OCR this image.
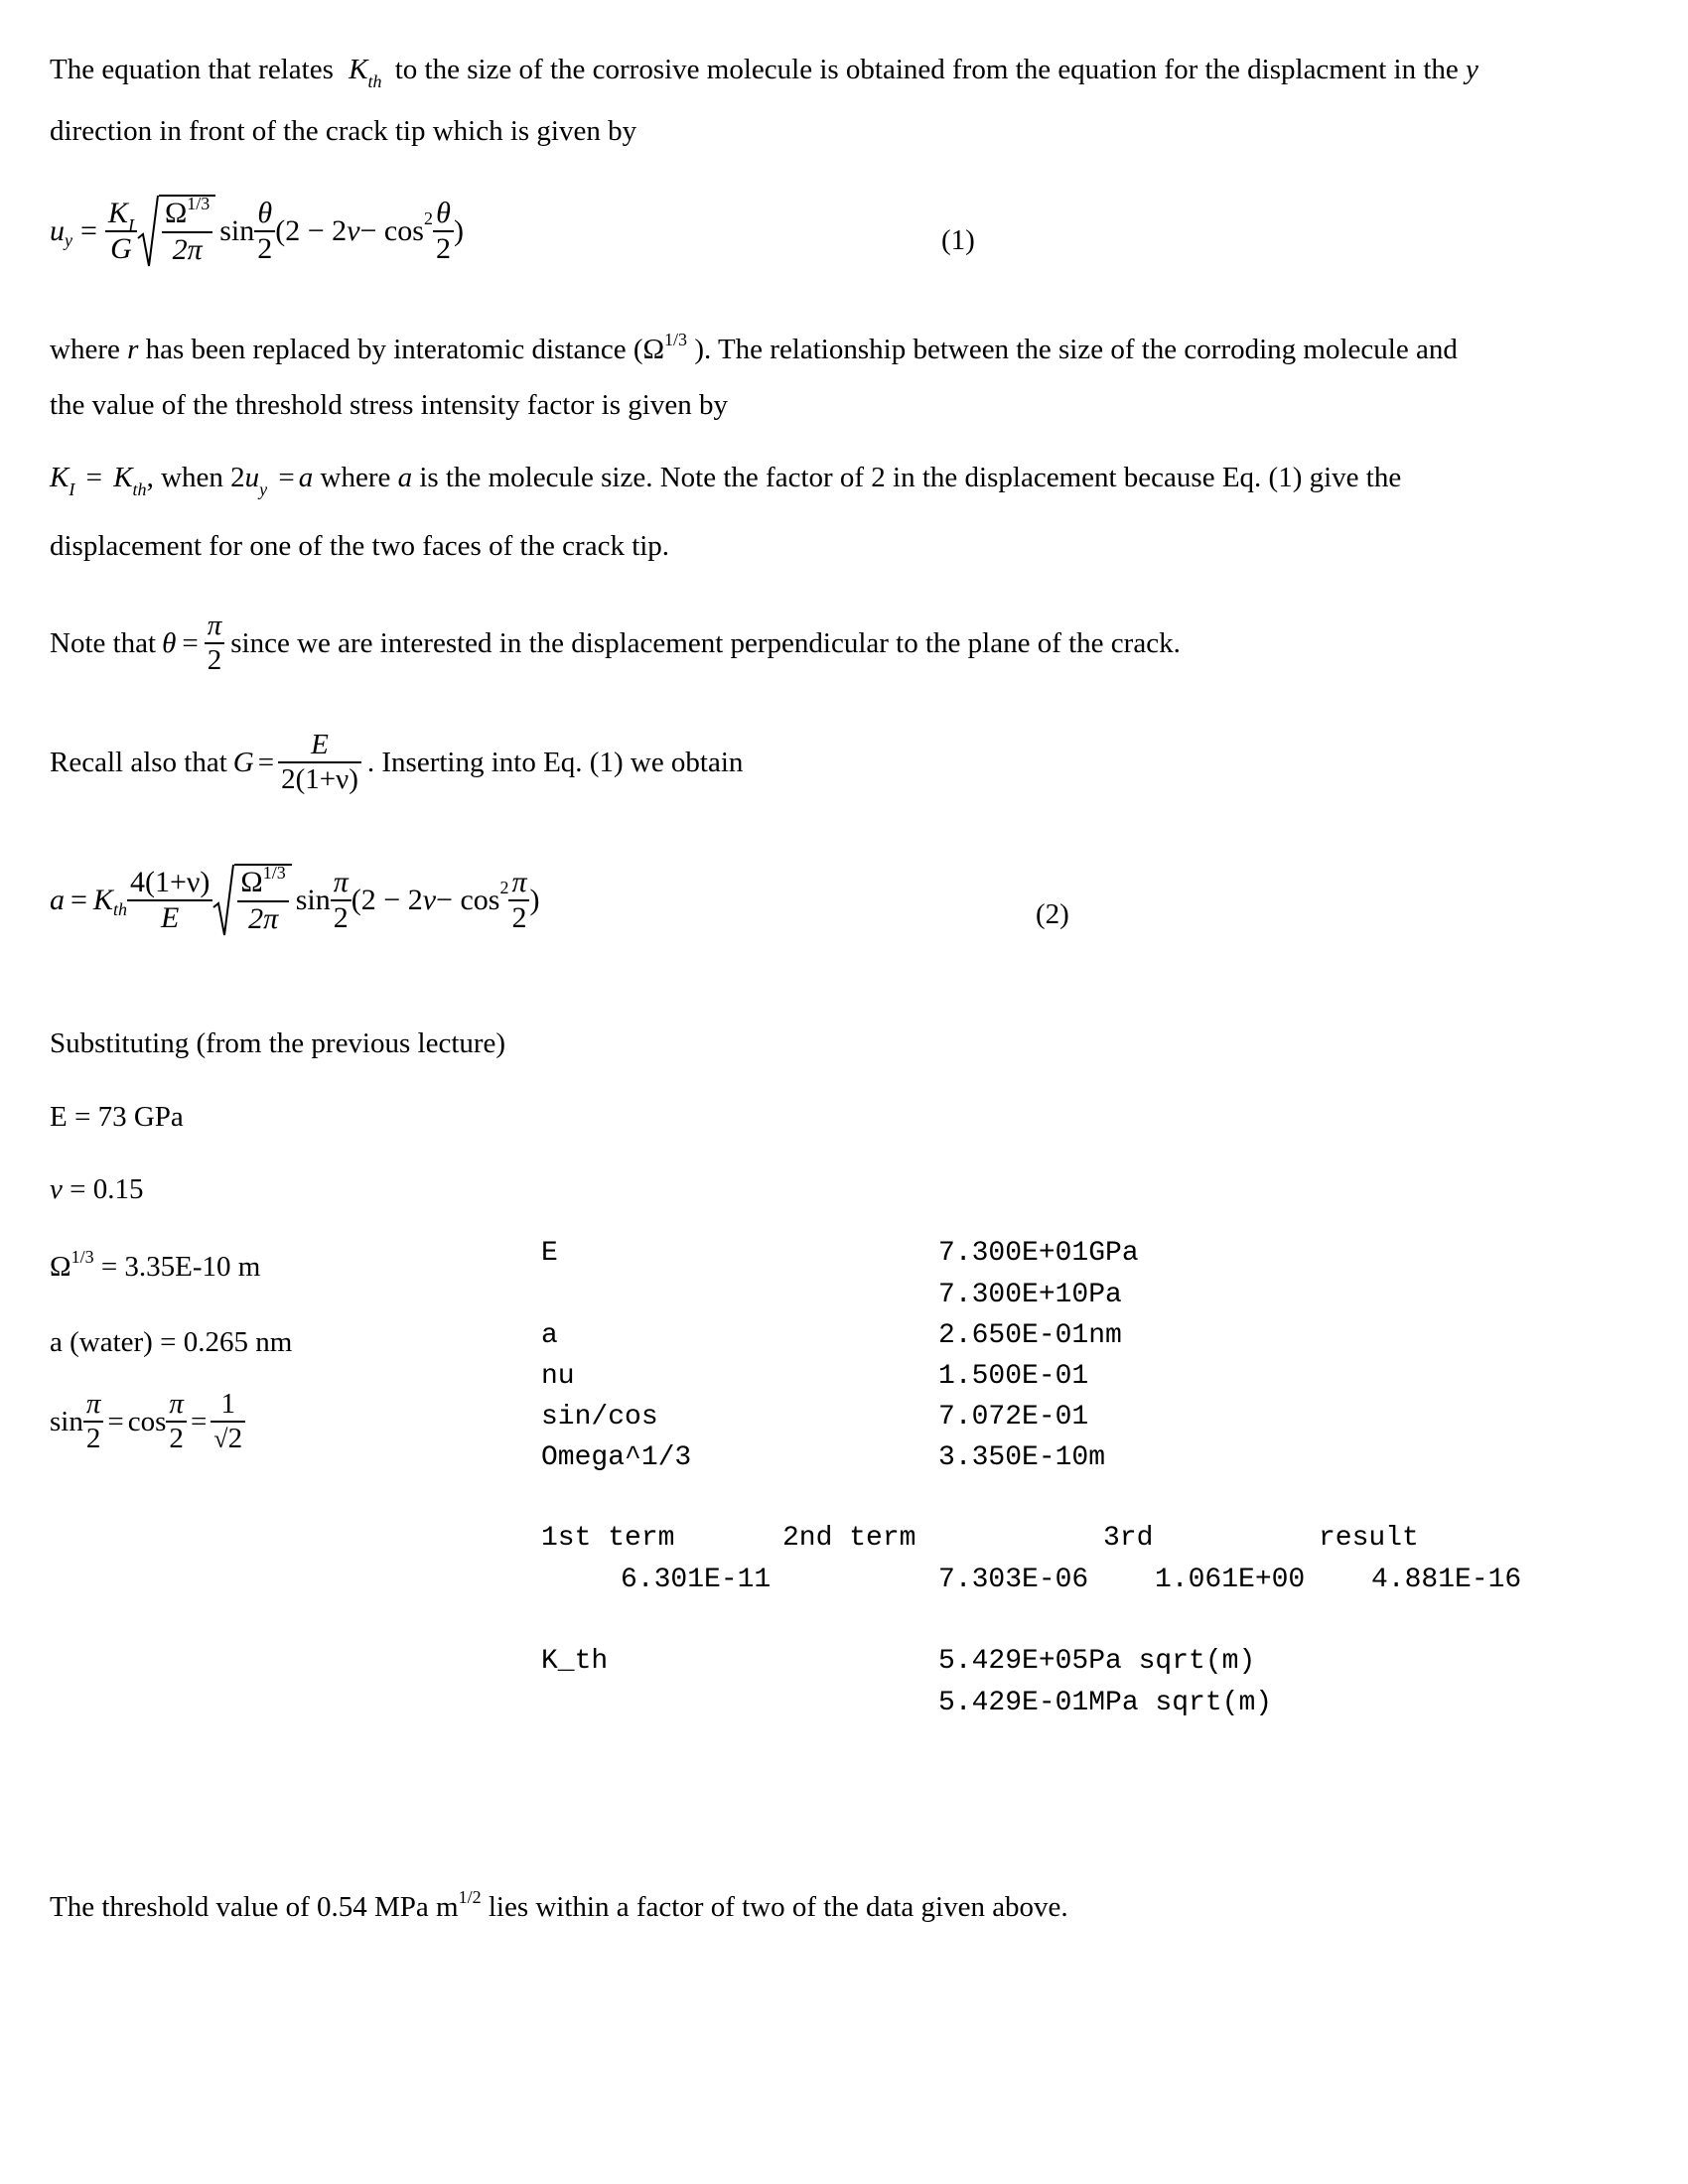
The equation that relates $K_{th}$ to the size of the corrosive molecule is obtained from the equation for the displacment in the y
direction in front of the crack tip which is given by
u $y = \frac{K_I}{G} \frac{\Omega^{1/3}}{2\pi}$ $\sin \frac{\theta}{2} (2 - 2$ $\nu - \cos 2 \frac{\theta}{2}$ )	(1)
where r has been replaced by interatomic distance ($\Omega^{1/3}$ ). The relationship between the size of the corroding molecule and
the value of the threshold stress intensity factor is given by
$K_I = K_{th}$, when $2u_y = a$ where a is the molecule size. Note the factor of 2 in the displacement because Eq. (1) give the
displacement for one of the two faces of the crack tip.
Note that $\theta = \frac{\pi}{2}$ since we are interested in the displacement perpendicular to the plane of the crack.
Recall also that $G = \frac{E}{2(1+\nu)}$ . Inserting into Eq. (1) we obtain
a = K th $\frac{4(1+\nu)}{E} \frac{\Omega^{1/3}}{2\pi}$ $\sin \frac{\pi}{2} (2 - 2$ $\nu - \cos 2 \frac{\pi}{2}$ )	(2)
Substituting (from the previous lecture)
E = 73 GPa
ν = 0.15
$\Omega^{1/3} = 3.35E-10$ m
a (water) = 0.265 nm
$\sin \frac{\pi}{2} = \cos \frac{\pi}{2} = \frac{1}{√2}$
E	7.300E+01GPa
7.300E+10Pa
a	2.650E-01nm
nu	1.500E-01
sin/cos	7.072E-01
Omega^1/3	3.350E-10m
1st term	2nd term	3rd	result
6.301E-11	7.303E-06 1.061E+00 4.881E-16
K_th	5.429E+05Pa sqrt(m)
5.429E-01MPa sqrt(m)
The threshold value of 0.54 MPa $m^{1/2}$ lies within a factor of two of the data given above.
